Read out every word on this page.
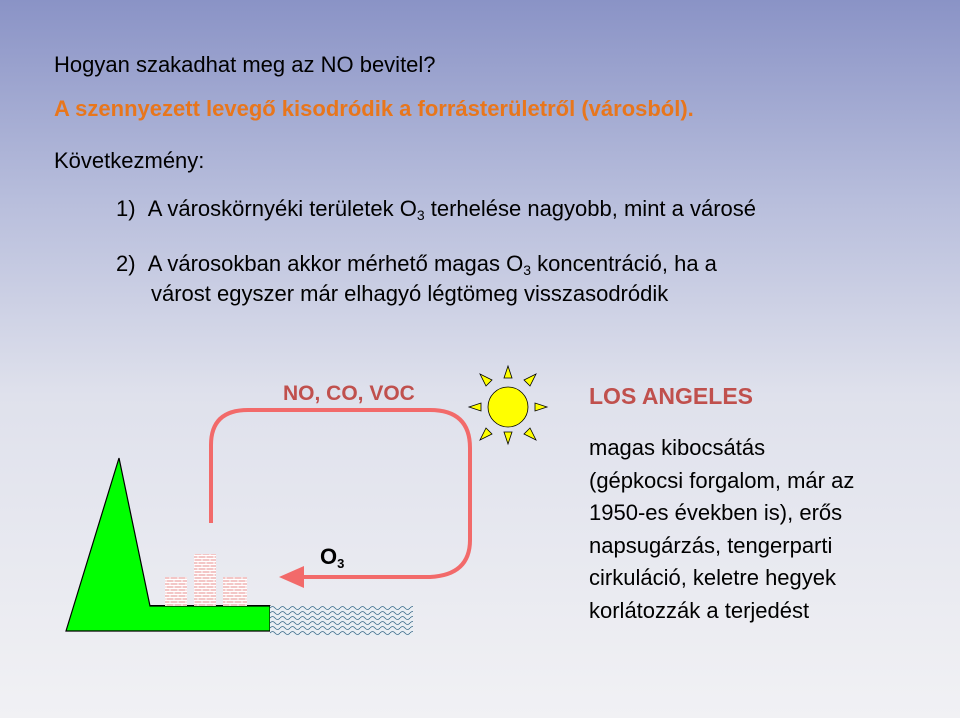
Hogyan szakadhat meg az NO bevitel?
A szennyezett levegő kisodródik a forrásterületről (városból).
Következmény:
1) A városkörnyéki területek $O_3$ terhelése nagyobb, mint a városé
2) A városokban akkor mérhető magas $O_3$ koncentráció, ha a
várost egyszer már elhagyó légtömeg visszasodródik
NO, CO, VOC
$O_3$
LOS ANGELES
magas kibocsátás
(gépkocsi forgalom, már az
1950-es években is), erős
napsugárzás, tengerparti
cirkuláció, keletre hegyek
korlátozzák a terjedést
